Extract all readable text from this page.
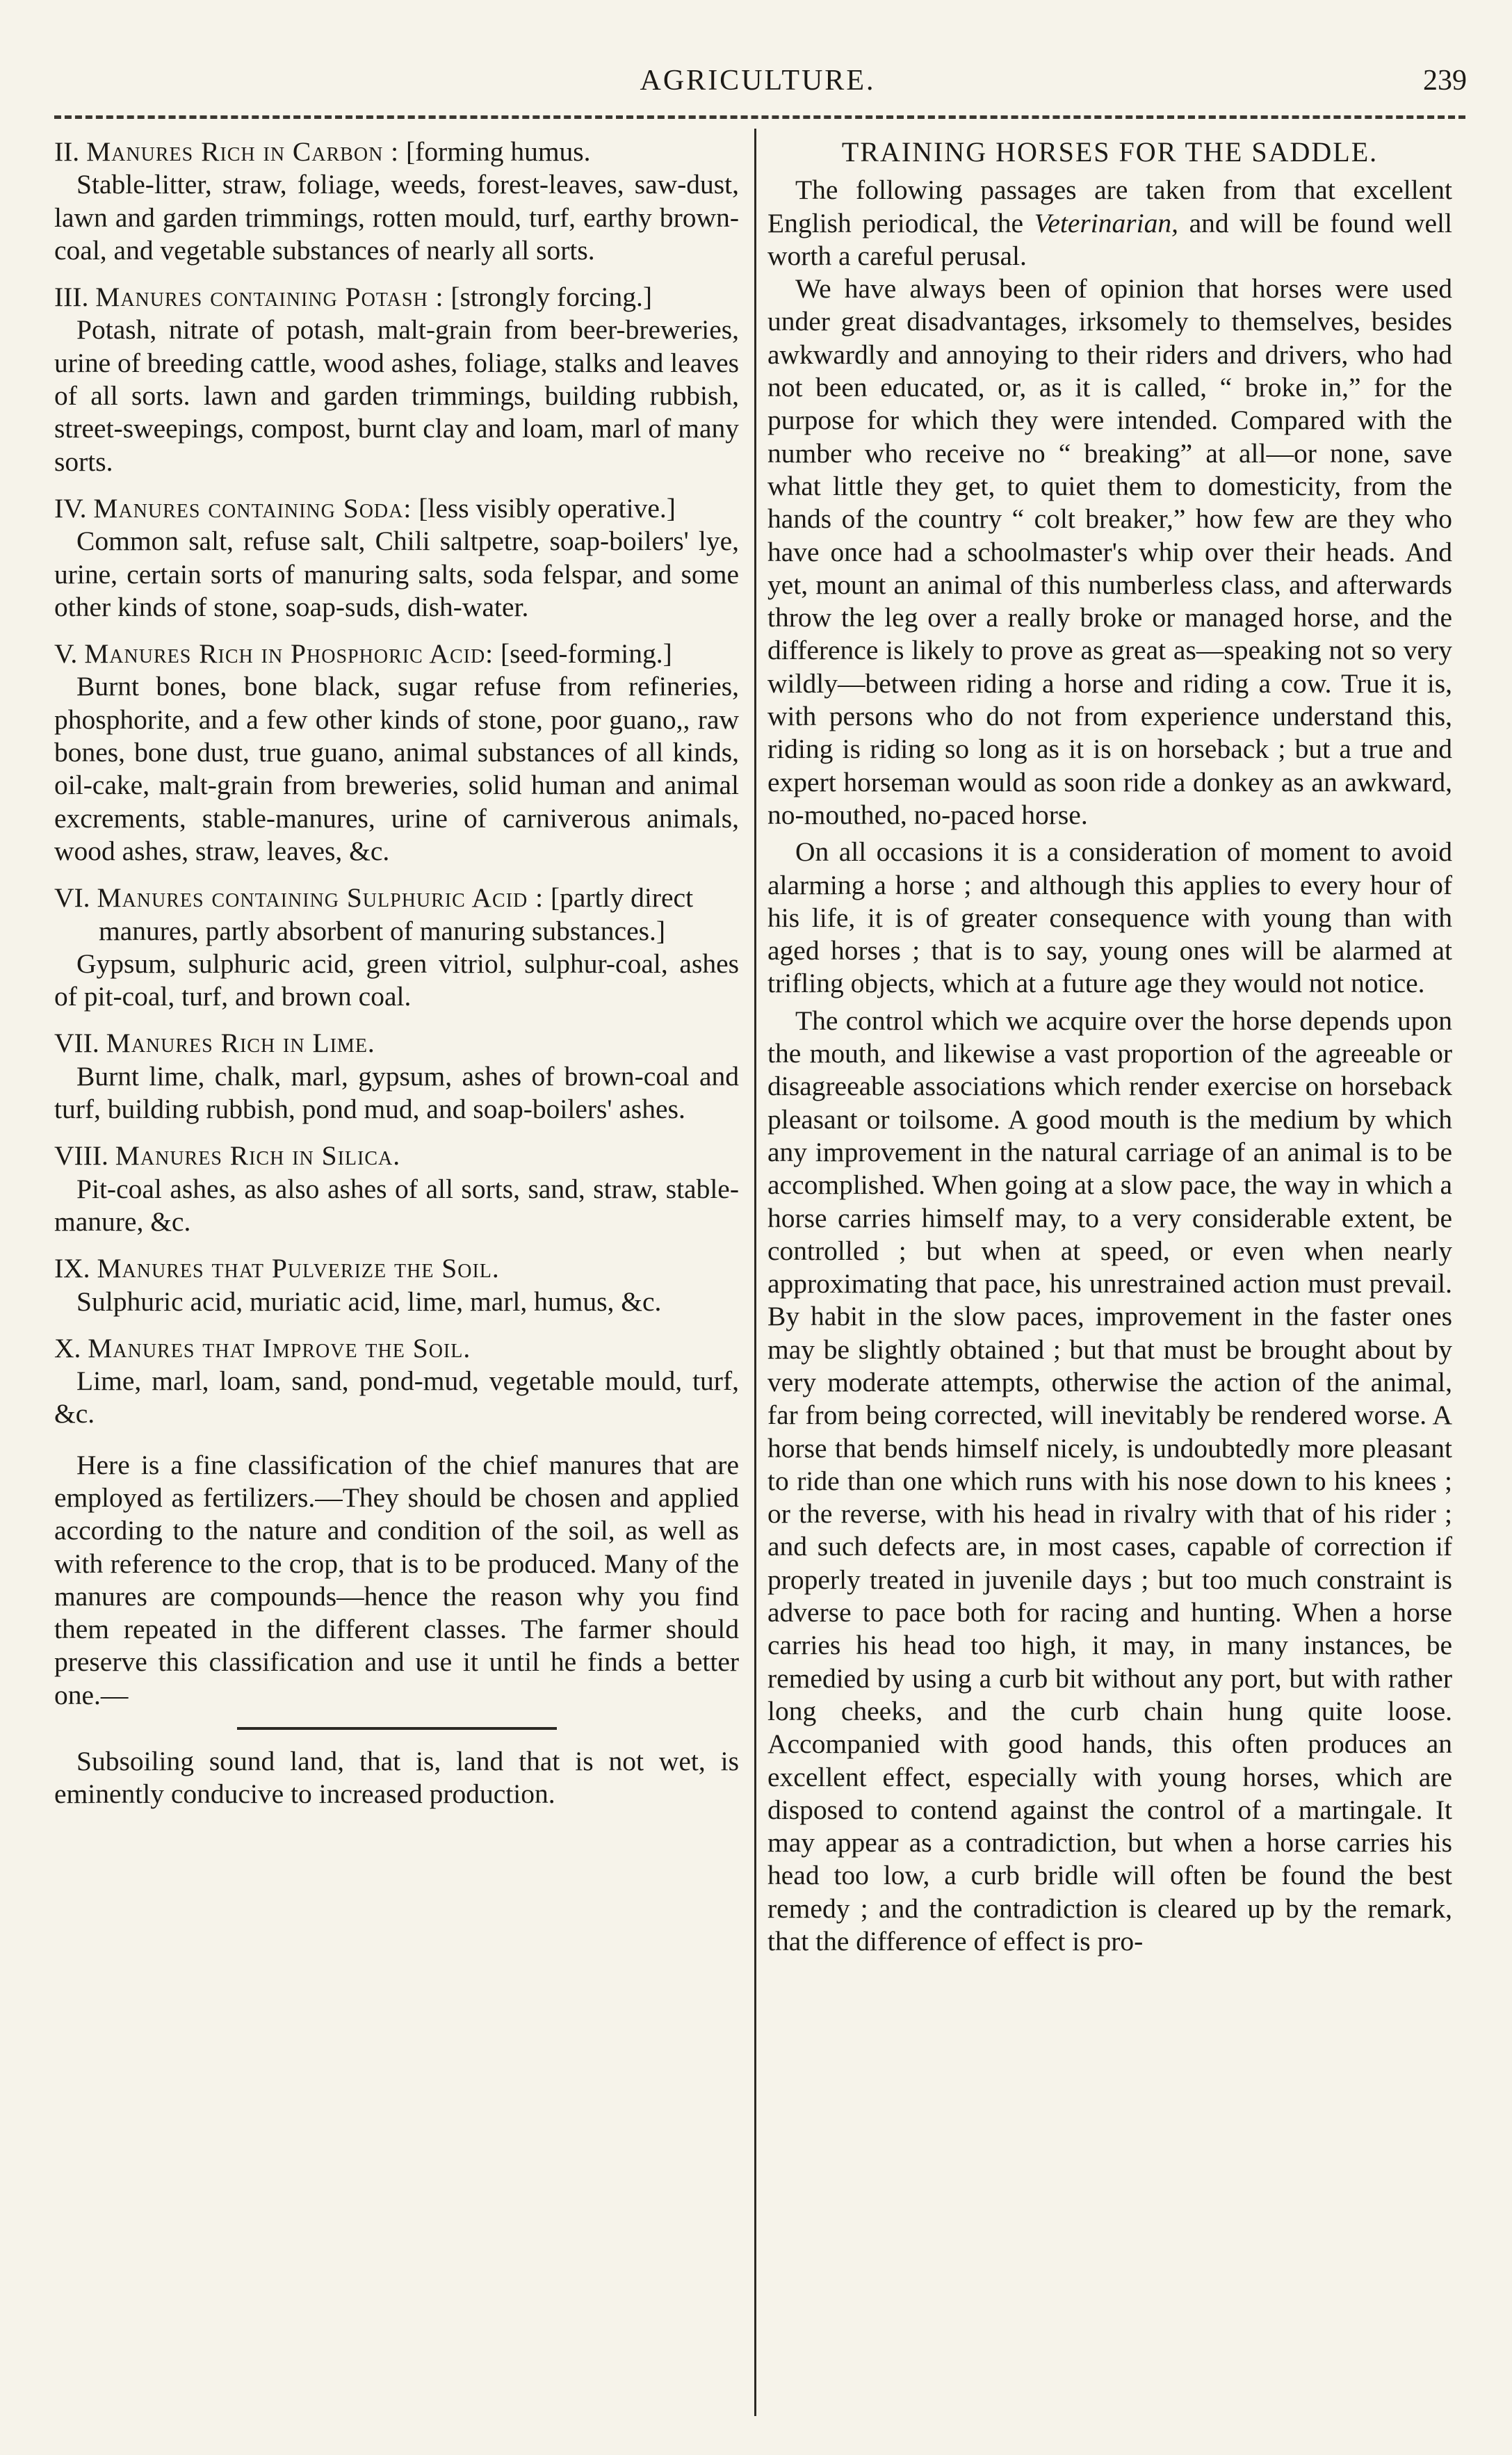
AGRICULTURE.	239

II. Manures Rich in Carbon : [forming humus.

Stable-litter, straw, foliage, weeds, forest-leaves, saw-dust, lawn and garden trimmings, rotten mould, turf, earthy brown-coal, and vegetable substances of nearly all sorts.

III. Manures containing Potash : [strongly forcing.]

Potash, nitrate of potash, malt-grain from beer-breweries, urine of breeding cattle, wood ashes, foliage, stalks and leaves of all sorts. lawn and garden trimmings, building rubbish, street-sweepings, compost, burnt clay and loam, marl of many sorts.

IV. Manures containing Soda: [less visibly operative.]

Common salt, refuse salt, Chili saltpetre, soap-boilers' lye, urine, certain sorts of manuring salts, soda felspar, and some other kinds of stone, soap-suds, dish-water.

V. Manures Rich in Phosphoric Acid: [seed-forming.]

Burnt bones, bone black, sugar refuse from refineries, phosphorite, and a few other kinds of stone, poor guano,, raw bones, bone dust, true guano, animal substances of all kinds, oil-cake, malt-grain from breweries, solid human and animal excrements, stable-manures, urine of carniverous animals, wood ashes, straw, leaves, &c.

VI. Manures containing Sulphuric Acid : [partly direct manures, partly absorbent of manuring substances.]

Gypsum, sulphuric acid, green vitriol, sulphur-coal, ashes of pit-coal, turf, and brown coal.

VII. Manures Rich in Lime.

Burnt lime, chalk, marl, gypsum, ashes of brown-coal and turf, building rubbish, pond mud, and soap-boilers' ashes.

VIII. Manures Rich in Silica.

Pit-coal ashes, as also ashes of all sorts, sand, straw, stable-manure, &c.

IX. Manures that Pulverize the Soil.

Sulphuric acid, muriatic acid, lime, marl, humus, &c.

X. Manures that Improve the Soil.

Lime, marl, loam, sand, pond-mud, vegetable mould, turf, &c.

Here is a fine classification of the chief manures that are employed as fertilizers.—They should be chosen and applied according to the nature and condition of the soil, as well as with reference to the crop, that is to be produced. Many of the manures are compounds—hence the reason why you find them repeated in the different classes. The farmer should preserve this classification and use it until he finds a better one.—

Subsoiling sound land, that is, land that is not wet, is eminently conducive to increased production.

TRAINING HORSES FOR THE SADDLE.

The following passages are taken from that excellent English periodical, the Veterinarian, and will be found well worth a careful perusal.

We have always been of opinion that horses were used under great disadvantages, irksomely to themselves, besides awkwardly and annoying to their riders and drivers, who had not been educated, or, as it is called, “ broke in,” for the purpose for which they were intended. Compared with the number who receive no “ breaking” at all—or none, save what little they get, to quiet them to domesticity, from the hands of the country “ colt breaker,” how few are they who have once had a schoolmaster's whip over their heads. And yet, mount an animal of this numberless class, and afterwards throw the leg over a really broke or managed horse, and the difference is likely to prove as great as—speaking not so very wildly—between riding a horse and riding a cow. True it is, with persons who do not from experience understand this, riding is riding so long as it is on horseback ; but a true and expert horseman would as soon ride a donkey as an awkward, no-mouthed, no-paced horse.

On all occasions it is a consideration of moment to avoid alarming a horse ; and although this applies to every hour of his life, it is of greater consequence with young than with aged horses ; that is to say, young ones will be alarmed at trifling objects, which at a future age they would not notice.

The control which we acquire over the horse depends upon the mouth, and likewise a vast proportion of the agreeable or disagreeable associations which render exercise on horseback pleasant or toilsome. A good mouth is the medium by which any improvement in the natural carriage of an animal is to be accomplished. When going at a slow pace, the way in which a horse carries himself may, to a very considerable extent, be controlled ; but when at speed, or even when nearly approximating that pace, his unrestrained action must prevail. By habit in the slow paces, improvement in the faster ones may be slightly obtained ; but that must be brought about by very moderate attempts, otherwise the action of the animal, far from being corrected, will inevitably be rendered worse. A horse that bends himself nicely, is undoubtedly more pleasant to ride than one which runs with his nose down to his knees ; or the reverse, with his head in rivalry with that of his rider ; and such defects are, in most cases, capable of correction if properly treated in juvenile days ; but too much constraint is adverse to pace both for racing and hunting. When a horse carries his head too high, it may, in many instances, be remedied by using a curb bit without any port, but with rather long cheeks, and the curb chain hung quite loose. Accompanied with good hands, this often produces an excellent effect, especially with young horses, which are disposed to contend against the control of a martingale. It may appear as a contradiction, but when a horse carries his head too low, a curb bridle will often be found the best remedy ; and the contradiction is cleared up by the remark, that the difference of effect is pro-
